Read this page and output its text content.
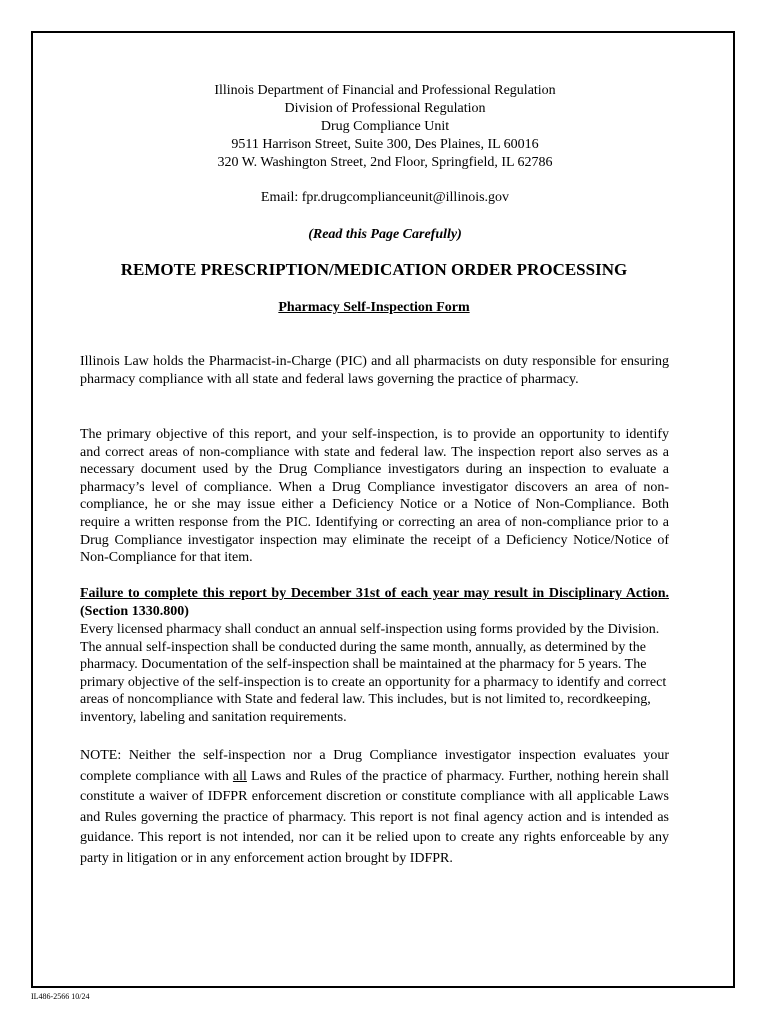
Illinois Department of Financial and Professional Regulation
Division of Professional Regulation
Drug Compliance Unit
9511 Harrison Street, Suite 300, Des Plaines, IL 60016
320 W. Washington Street, 2nd Floor, Springfield, IL 62786
Email: fpr.drugcomplianceunit@illinois.gov
(Read this Page Carefully)
REMOTE PRESCRIPTION/MEDICATION ORDER PROCESSING
Pharmacy Self-Inspection Form
Illinois Law holds the Pharmacist-in-Charge (PIC) and all pharmacists on duty responsible for ensuring pharmacy compliance with all state and federal laws governing the practice of pharmacy.
The primary objective of this report, and your self-inspection, is to provide an opportunity to identify and correct areas of non-compliance with state and federal law. The inspection report also serves as a necessary document used by the Drug Compliance investigators during an inspection to evaluate a pharmacy’s level of compliance. When a Drug Compliance investigator discovers an area of non-compliance, he or she may issue either a Deficiency Notice or a Notice of Non-Compliance. Both require a written response from the PIC. Identifying or correcting an area of non-compliance prior to a Drug Compliance investigator inspection may eliminate the receipt of a Deficiency Notice/Notice of Non-Compliance for that item.
Failure to complete this report by December 31st of each year may result in Disciplinary Action. (Section 1330.800)
Every licensed pharmacy shall conduct an annual self-inspection using forms provided by the Division. The annual self-inspection shall be conducted during the same month, annually, as determined by the pharmacy. Documentation of the self-inspection shall be maintained at the pharmacy for 5 years. The primary objective of the self-inspection is to create an opportunity for a pharmacy to identify and correct areas of noncompliance with State and federal law. This includes, but is not limited to, recordkeeping, inventory, labeling and sanitation requirements.
NOTE: Neither the self-inspection nor a Drug Compliance investigator inspection evaluates your complete compliance with all Laws and Rules of the practice of pharmacy. Further, nothing herein shall constitute a waiver of IDFPR enforcement discretion or constitute compliance with all applicable Laws and Rules governing the practice of pharmacy. This report is not final agency action and is intended as guidance. This report is not intended, nor can it be relied upon to create any rights enforceable by any party in litigation or in any enforcement action brought by IDFPR.
IL486-2566 10/24
